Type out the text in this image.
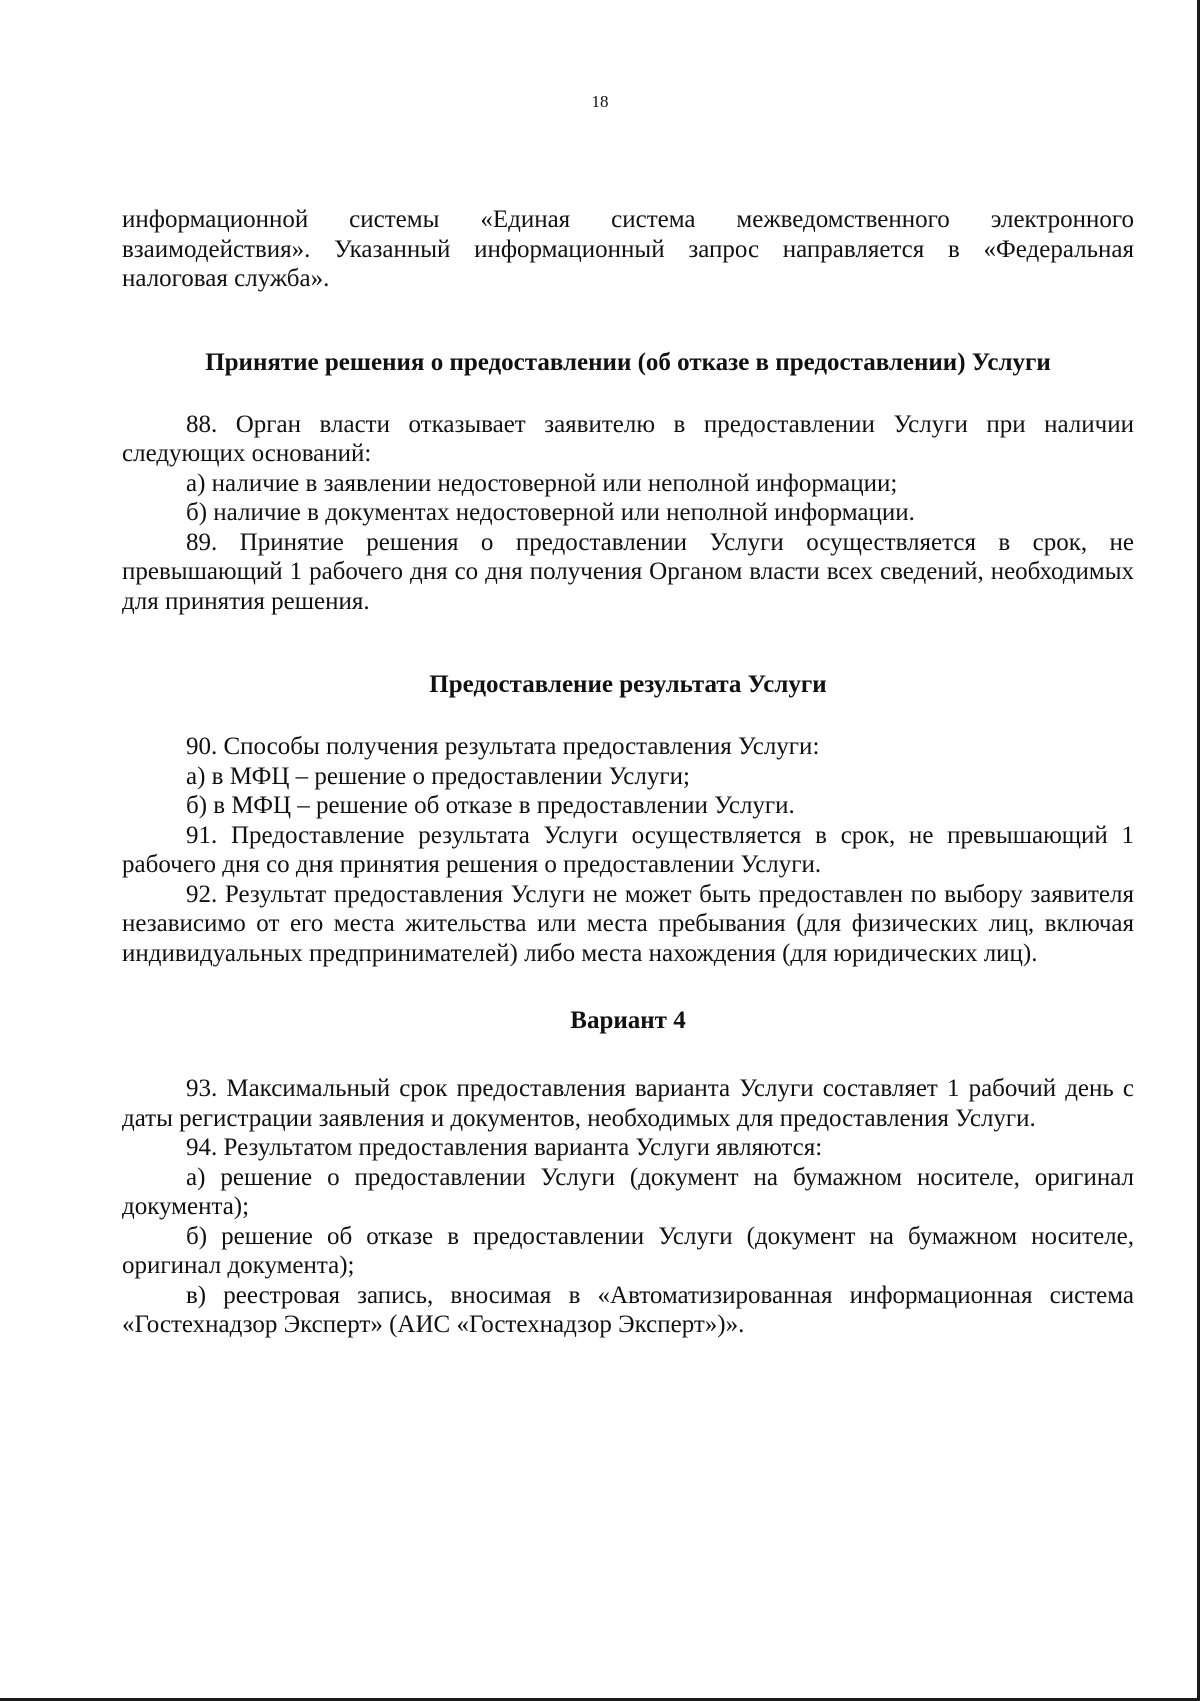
18

информационной системы «Единая система межведомственного электронного взаимодействия». Указанный информационный запрос направляется в «Федеральная налоговая служба».

Принятие решения о предоставлении (об отказе в предоставлении) Услуги

88. Орган власти отказывает заявителю в предоставлении Услуги при наличии следующих оснований:

а) наличие в заявлении недостоверной или неполной информации;

б) наличие в документах недостоверной или неполной информации.

89. Принятие решения о предоставлении Услуги осуществляется в срок, не превышающий 1 рабочего дня со дня получения Органом власти всех сведений, необходимых для принятия решения.

Предоставление результата Услуги

90. Способы получения результата предоставления Услуги:

а) в МФЦ – решение о предоставлении Услуги;

б) в МФЦ – решение об отказе в предоставлении Услуги.

91. Предоставление результата Услуги осуществляется в срок, не превышающий 1 рабочего дня со дня принятия решения о предоставлении Услуги.

92. Результат предоставления Услуги не может быть предоставлен по выбору заявителя независимо от его места жительства или места пребывания (для физических лиц, включая индивидуальных предпринимателей) либо места нахождения (для юридических лиц).

Вариант 4

93. Максимальный срок предоставления варианта Услуги составляет 1 рабочий день с даты регистрации заявления и документов, необходимых для предоставления Услуги.

94. Результатом предоставления варианта Услуги являются:

а) решение о предоставлении Услуги (документ на бумажном носителе, оригинал документа);

б) решение об отказе в предоставлении Услуги (документ на бумажном носителе, оригинал документа);

в) реестровая запись, вносимая в «Автоматизированная информационная система «Гостехнадзор Эксперт» (АИС «Гостехнадзор Эксперт»)».
